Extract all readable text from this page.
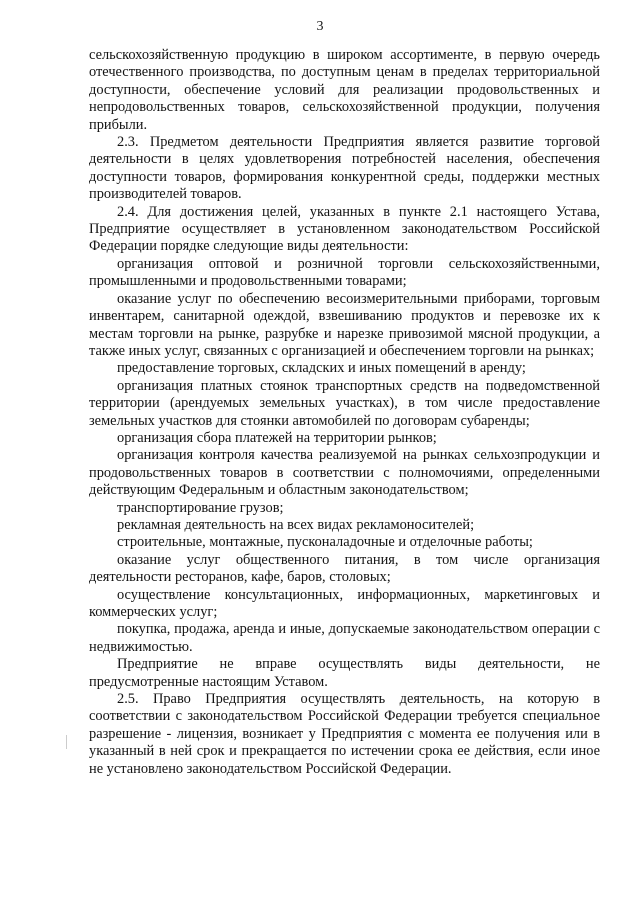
3

сельскохозяйственную продукцию в широком ассортименте, в первую очередь отечественного производства, по доступным ценам в пределах территориальной доступности, обеспечение условий для реализации продовольственных и непродовольственных товаров, сельскохозяйственной продукции, получения прибыли.

2.3. Предметом деятельности Предприятия является развитие торговой деятельности в целях удовлетворения потребностей населения, обеспечения доступности товаров, формирования конкурентной среды, поддержки местных производителей товаров.

2.4. Для достижения целей, указанных в пункте 2.1 настоящего Устава, Предприятие осуществляет в установленном законодательством Российской Федерации порядке следующие виды деятельности:

организация оптовой и розничной торговли сельскохозяйственными, промышленными и продовольственными товарами;

оказание услуг по обеспечению весоизмерительными приборами, торговым инвентарем, санитарной одеждой, взвешиванию продуктов и перевозке их к местам торговли на рынке, разрубке и нарезке привозимой мясной продукции, а также иных услуг, связанных с организацией и обеспечением торговли на рынках;

предоставление торговых, складских и иных помещений в аренду;

организация платных стоянок транспортных средств на подведомственной территории (арендуемых земельных участках), в том числе предоставление земельных участков для стоянки автомобилей по договорам субаренды;

организация сбора платежей на территории рынков;

организация контроля качества реализуемой на рынках сельхозпродукции и продовольственных товаров в соответствии с полномочиями, определенными действующим Федеральным и областным законодательством;

транспортирование грузов;

рекламная деятельность на всех видах рекламоносителей;

строительные, монтажные, пусконаладочные и отделочные работы;

оказание услуг общественного питания, в том числе организация деятельности ресторанов, кафе, баров, столовых;

осуществление консультационных, информационных, маркетинговых и коммерческих услуг;

покупка, продажа, аренда и иные, допускаемые законодательством операции с недвижимостью.

Предприятие не вправе осуществлять виды деятельности, не предусмотренные настоящим Уставом.

2.5. Право Предприятия осуществлять деятельность, на которую в соответствии с законодательством Российской Федерации требуется специальное разрешение - лицензия, возникает у Предприятия с момента ее получения или в указанный в ней срок и прекращается по истечении срока ее действия, если иное не установлено законодательством Российской Федерации.
